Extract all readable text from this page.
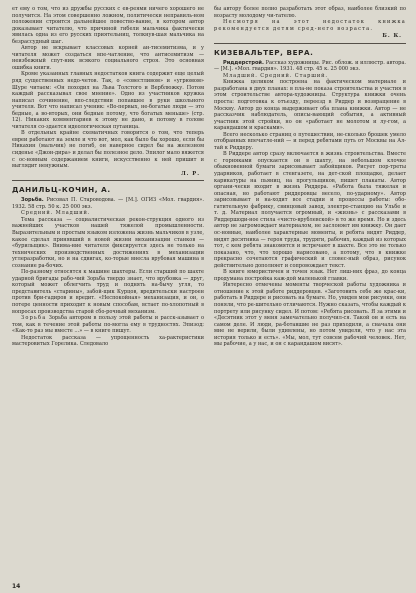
ет ему о том, что из дружбы русских с ев-реями ничего хорошего не получится. На этом совершенно ложном, политически неправиль-ном положении строится дальнейшее повество-вание, в котором автор доказывает читателю, что причиной гибели мальчика фактически явилась одна из его русских приятельниц, толкнув-шая мальчика на безрассудный шаг.

Автор не вскрывает классовых корней ан-тисемитизма, и у читателя может создаться впе-чатление, что антисемитизм — неизбежный спут-ник всякого социального строя. Это основная ошибка книги.

Кроме указанных главных недостатков книга содержит еще целый ряд существенных недо-четов. Так, о «совестливом» и «угрюмом» Шуре читаем: «Он походил на Льва Толстого и Верблюжку. Потом каждый рассказывал свое мнение». Одно из участников кружка написал сочинение, впо-следствии попавшее в руки школьного учителя. Вот что написал ученик: «Во-первых, не-богатые люди — это бедные, а во-вторых, они бедные потому, что богатых меньше» (стр. 12). Никаких комментариев к этому не дано, и потому в голове читателя со-здается идеологическая путаница.

В отдельных крайне схематичных говорится о том, что теперь евреи работают на земле и что вот, мол, как было бы хорошо, если бы Никахин (мальчик) не погиб, он наверное сидел бы на железном сиденье «Джон-дира» и делал бы полезное дело. Эпилог мало вяжется с ос-новным содержанием книги, искусственно к ней пришит и выглядит ненужным.

Л. Р.
ДАНИЛЬЦ-КОЧИН, А.

Зорьба. Рисовал П. Староводова. — [М.]. ОГИЗ «Мол. гвардия». 1932. 58 стр. 50 к. 25 000 экз.

Средний. Младший.

Тема рассказа — социалистическая рекон-струкция одного из важнейших участков нашей тяжелой промышленности. Выразительным и простым языком изложена жизнь мальчиков в узле, какое сделал принявший в новой жизни механизации станков — «бурильщик». Внима-ние читателя фиксируется здесь не только на технических производственных достижениях в механизации углеразработки, но и на сдвигах, ко-торые внесла врубовая машина в сознание ра-бочих.

По-разному относятся к машине шахтеры. Если старший по шахте ударной бригады рабо-чий Зорьба твердо знает, что врубовка — друг, который может облегчить труд и поднять на-бычу угля, то представитель «старины», забой-щик Курцов, вредительски настроен против бри-гадиров и вредит. «Неспокойная» механизация, и он, о потере ценности приходит к новым способам, встает по-хлопотный в вопросах производства старой сбо-рочный механизм.

Зорьба Зорьба автором в пользу этой работы и расск-азывает о том, как в течение этой работы по-могла ему в трудностях. Эпизод: «Как-то раз мы вместе ...» — в книге пишут.

Недостаток рассказа — упрощенность ха-рактеристики мастеровитых Горелика. Следовало

бы автору более полно разработать этот образ, наиболее близкий по возрасту молодому чи-тателю.

Несмотря на этот недостаток книжка рекомендуется детям сред-него возраста.

Б. К.
КИЗЕВАЛЬТЕР, ВЕРА.

Риддерстрой. Рассказ художницы. Рис. облож. и иллюстр. автора. — [М.]. «Мол. гвардия». 1931. 48 стр. 45 к. 25 000 экз.

Младший. Средний. Старший.

Книжка целиком построена на фактическом материале и разработана в двух планах: в пла-не показа строительства и участия в этом строительстве автора-художницы. Структура книжки очень проста: подготовка к отъезду, переезд в Риддер и возвращение в Москву. Автор до конца выдерживает оба плана книжки. Автор — не рассказчик наблюдатель, описы-вающий события, а активный участник этой стройки, но он «работает не молотом и лу-гом, а карандашом и красками».

Всего несколько страниц о путешествии, не-сколько брошек умело отобранных впечатле-ний — и перед ребятами путь от Москвы на Ал-тай к Риддеру.

В Риддере автор сразу включается в жизнь строительства. Вместе с горняками опускается он в шахту, на небольшом клочке обыкновенной бумаги зарисовывает забойщиков. Рисует пор-треты ударников, работает в стенгазете, на дет-ской площадке, делает карикатуры на пьяниц, на прогульщиков, пишет плакаты. Автор органи-чески входит в жизнь Риддера. «Работа была тяжелая и опасная, но работают риддеровцы весело, по-ударному». Автор зарисовывает и на-ходит все стадии и процессы работы: обо-гатительную фабрику, свинцовый завод, электро-станцию на Ульбе и т. д. Материал получается огромный, и «жизнь» с рассказами в Риддершоди-ное стила «чисто-врублевской» в то же время. Но и здесь автор не загромождает материалом, не заслоняет им книжку. Он дает ос-новные, наиболее характерные моменты, и ребята видят Риддер, видят десятника — героя труда, трудяги, рабочих, каждый из которых тот, с кем ребята знакомятся и встречают в шахте. Все это не только показано, что, что хорошо нарисовано, а потому, что в книжке прекрасно сочетаются графический и словес-ный образ, рисунок действительно дополняет и сопровождает текст.

В книге юмористичен и точен язык. Нет лиш-них фраз, до конца продумана постройка каж-дой маленькой главки.

Интересно отмечены моменты творческой работы художника и отношение к этой работе риддеровцев. «Заготовить себе же крас-ки, работать в Риддере и рисовать на бумаге. Но, увидев мои рисунки, они поняли, что ре-шительно отличаются. Нужно сказать, чтобы каждый к портрету или рисунку сидел. И потом: «Ребята рисовать. Я за этими и «Десятник этот у меня замечательно получил-ся. Такой он и есть на самом деле. И люди, ра-ботавшие не раз приходили, а сначала они мне не верили, были удивлены, но потом увидели, что у нас эта история только и есть». «Мы, мол, тут совсем рабочий человек. Нет, мы рабочие, а у нас, и он с карандашом висят».

14
